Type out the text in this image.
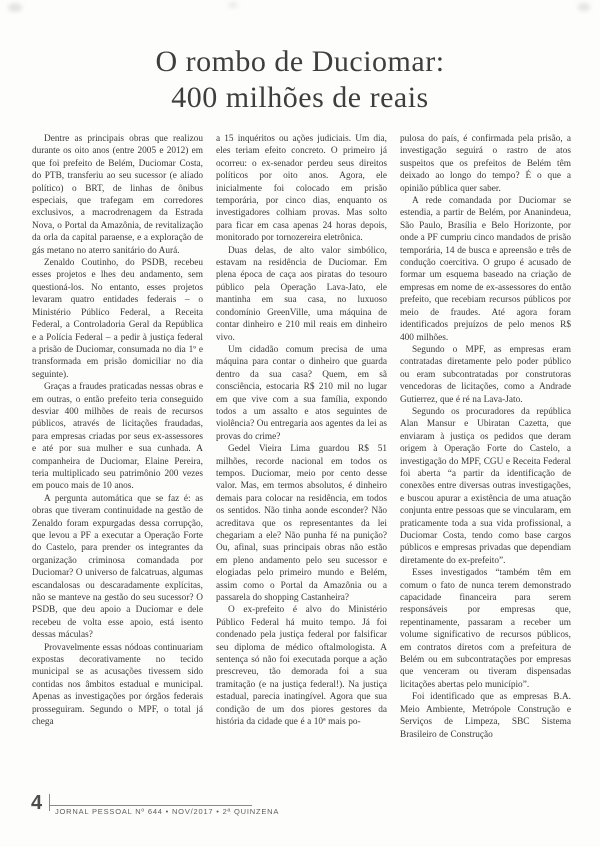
O rombo de Duciomar:
400 milhões de reais

Dentre as principais obras que realizou durante os oito anos (entre 2005 e 2012) em que foi prefeito de Belém, Duciomar Costa, do PTB, transferiu ao seu sucessor (e aliado político) o BRT, de linhas de ônibus especiais, que trafegam em corredores exclusivos, a macrodrenagem da Estrada Nova, o Portal da Amazônia, de revitalização da orla da capital paraense, e a exploração de gás metano no aterro sanitário do Aurá.

Zenaldo Coutinho, do PSDB, recebeu esses projetos e lhes deu andamento, sem questioná-los. No entanto, esses projetos levaram quatro entidades federais – o Ministério Público Federal, a Receita Federal, a Controladoria Geral da República e a Polícia Federal – a pedir à justiça federal a prisão de Duciomar, consumada no dia 1º e transformada em prisão domiciliar no dia seguinte).

Graças a fraudes praticadas nessas obras e em outras, o então prefeito teria conseguido desviar 400 milhões de reais de recursos públicos, através de licitações fraudadas, para empresas criadas por seus ex-assessores e até por sua mulher e sua cunhada. A companheira de Duciomar, Elaine Pereira, teria multiplicado seu patrimônio 200 vezes em pouco mais de 10 anos.

A pergunta automática que se faz é: as obras que tiveram continuidade na gestão de Zenaldo foram expurgadas dessa corrupção, que levou a PF a executar a Operação Forte do Castelo, para prender os integrantes da organização criminosa comandada por Duciomar? O universo de falcatruas, algumas escandalosas ou descaradamente explícitas, não se manteve na gestão do seu sucessor? O PSDB, que deu apoio a Duciomar e dele recebeu de volta esse apoio, está isento dessas máculas?

Provavelmente essas nódoas continuariam expostas decorativamente no tecido municipal se as acusações tivessem sido contidas nos âmbitos estadual e municipal. Apenas as investigações por órgãos federais prosseguiram. Segundo o MPF, o total já chega

a 15 inquéritos ou ações judiciais. Um dia, eles teriam efeito concreto. O primeiro já ocorreu: o ex-senador perdeu seus direitos políticos por oito anos. Agora, ele inicialmente foi colocado em prisão temporária, por cinco dias, enquanto os investigadores colhiam provas. Mas solto para ficar em casa apenas 24 horas depois, monitorado por tornozereira eletrônica.

Duas delas, de alto valor simbólico, estavam na residência de Duciomar. Em plena época de caça aos piratas do tesouro público pela Operação Lava-Jato, ele mantinha em sua casa, no luxuoso condomínio GreenVille, uma máquina de contar dinheiro e 210 mil reais em dinheiro vivo.

Um cidadão comum precisa de uma máquina para contar o dinheiro que guarda dentro da sua casa? Quem, em sã consciência, estocaria R$ 210 mil no lugar em que vive com a sua família, expondo todos a um assalto e atos seguintes de violência? Ou entregaria aos agentes da lei as provas do crime?

Gedel Vieira Lima guardou R$ 51 milhões, recorde nacional em todos os tempos. Duciomar, meio por cento desse valor. Mas, em termos absolutos, é dinheiro demais para colocar na residência, em todos os sentidos. Não tinha aonde esconder? Não acreditava que os representantes da lei chegariam a ele? Não punha fé na punição? Ou, afinal, suas principais obras não estão em pleno andamento pelo seu sucessor e elogiadas pelo primeiro mundo e Belém, assim como o Portal da Amazônia ou a passarela do shopping Castanheira?

O ex-prefeito é alvo do Ministério Público Federal há muito tempo. Já foi condenado pela justiça federal por falsificar seu diploma de médico oftalmologista. A sentença só não foi executada porque a ação prescreveu, tão demorada foi a sua tramitação (e na justiça federal!). Na justiça estadual, parecia inatingível. Agora que sua condição de um dos piores gestores da história da cidade que é a 10ª mais po-

pulosa do país, é confirmada pela prisão, a investigação seguirá o rastro de atos suspeitos que os prefeitos de Belém têm deixado ao longo do tempo? É o que a opinião pública quer saber.

A rede comandada por Duciomar se estendia, a partir de Belém, por Ananindeua, São Paulo, Brasília e Belo Horizonte, por onde a PF cumpriu cinco mandados de prisão temporária, 14 de busca e apreensão e três de condução coercitiva. O grupo é acusado de formar um esquema baseado na criação de empresas em nome de ex-assessores do então prefeito, que recebiam recursos públicos por meio de fraudes. Até agora foram identificados prejuízos de pelo menos R$ 400 milhões.

Segundo o MPF, as empresas eram contratadas diretamente pelo poder público ou eram subcontratadas por construtoras vencedoras de licitações, como a Andrade Gutierrez, que é ré na Lava-Jato.

Segundo os procuradores da república Alan Mansur e Ubiratan Cazetta, que enviaram à justiça os pedidos que deram origem à Operação Forte do Castelo, a investigação do MPF, CGU e Receita Federal foi aberta “a partir da identificação de conexões entre diversas outras investigações, e buscou apurar a existência de uma atuação conjunta entre pessoas que se vincularam, em praticamente toda a sua vida profissional, a Duciomar Costa, tendo como base cargos públicos e empresas privadas que dependiam diretamente do ex-prefeito”.

Esses investigados “também têm em comum o fato de nunca terem demonstrado capacidade financeira para serem responsáveis por empresas que, repentinamente, passaram a receber um volume significativo de recursos públicos, em contratos diretos com a prefeitura de Belém ou em subcontratações por empresas que venceram ou tiveram dispensadas licitações abertas pelo município”.

Foi identificado que as empresas B.A. Meio Ambiente, Metrópole Construção e Serviços de Limpeza, SBC Sistema Brasileiro de Construção

4 JORNAL PESSOAL Nº 644 • NOV/2017 • 2ª QUINZENA
